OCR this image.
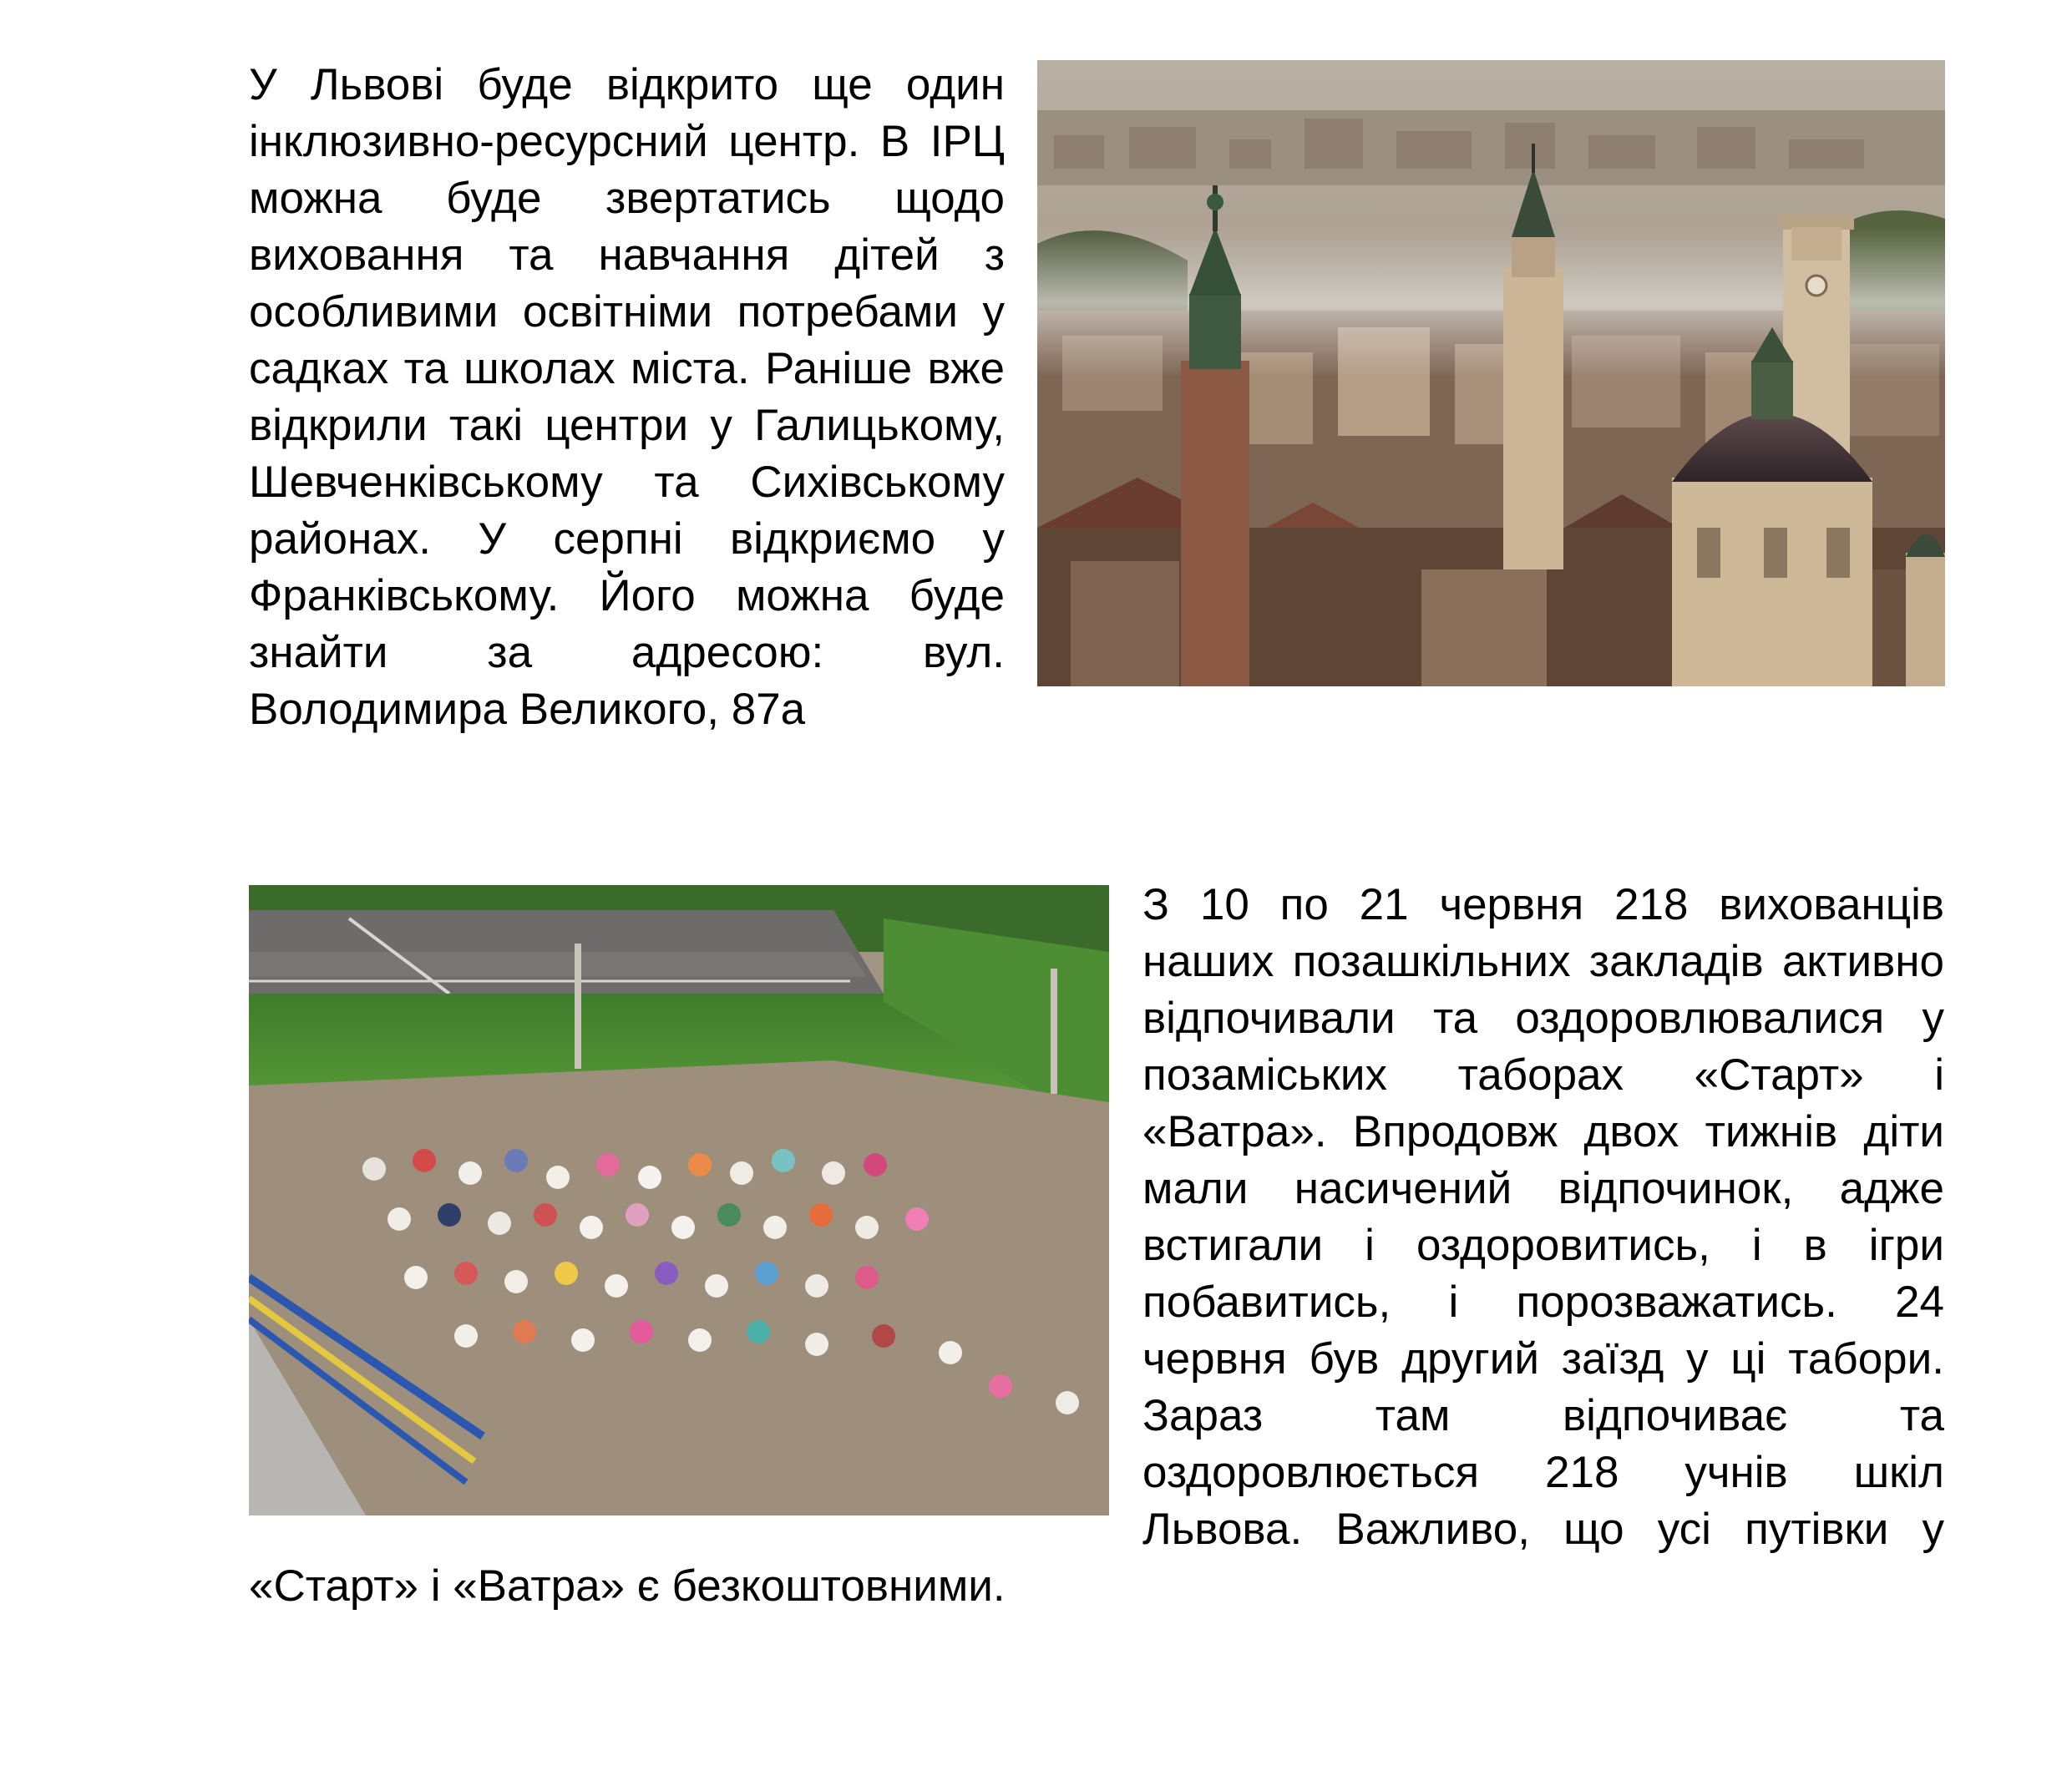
У Львові буде відкрито ще один інклюзивно-ресурсний центр. В ІРЦ можна буде звертатись щодо виховання та навчання дітей з особливими освітніми потребами у садках та школах міста. Раніше вже відкрили такі центри у Галицькому, Шевченківському та Сихівському районах. У серпні відкриємо у Франківському. Його можна буде знайти за адресою: вул. Володимира Великого, 87а

З 10 по 21 червня 218 вихованців наших позашкільних закладів активно відпочивали та оздоровлювалися у позаміських таборах «Старт» і «Ватра». Впродовж двох тижнів діти мали насичений відпочинок, адже встигали і оздоровитись, і в ігри побавитись, і порозважатись. 24 червня був другий заїзд у ці табори. Зараз там відпочиває та оздоровлюється 218 учнів шкіл Львова. Важливо, що усі путівки у «Старт» і «Ватра» є безкоштовними.
